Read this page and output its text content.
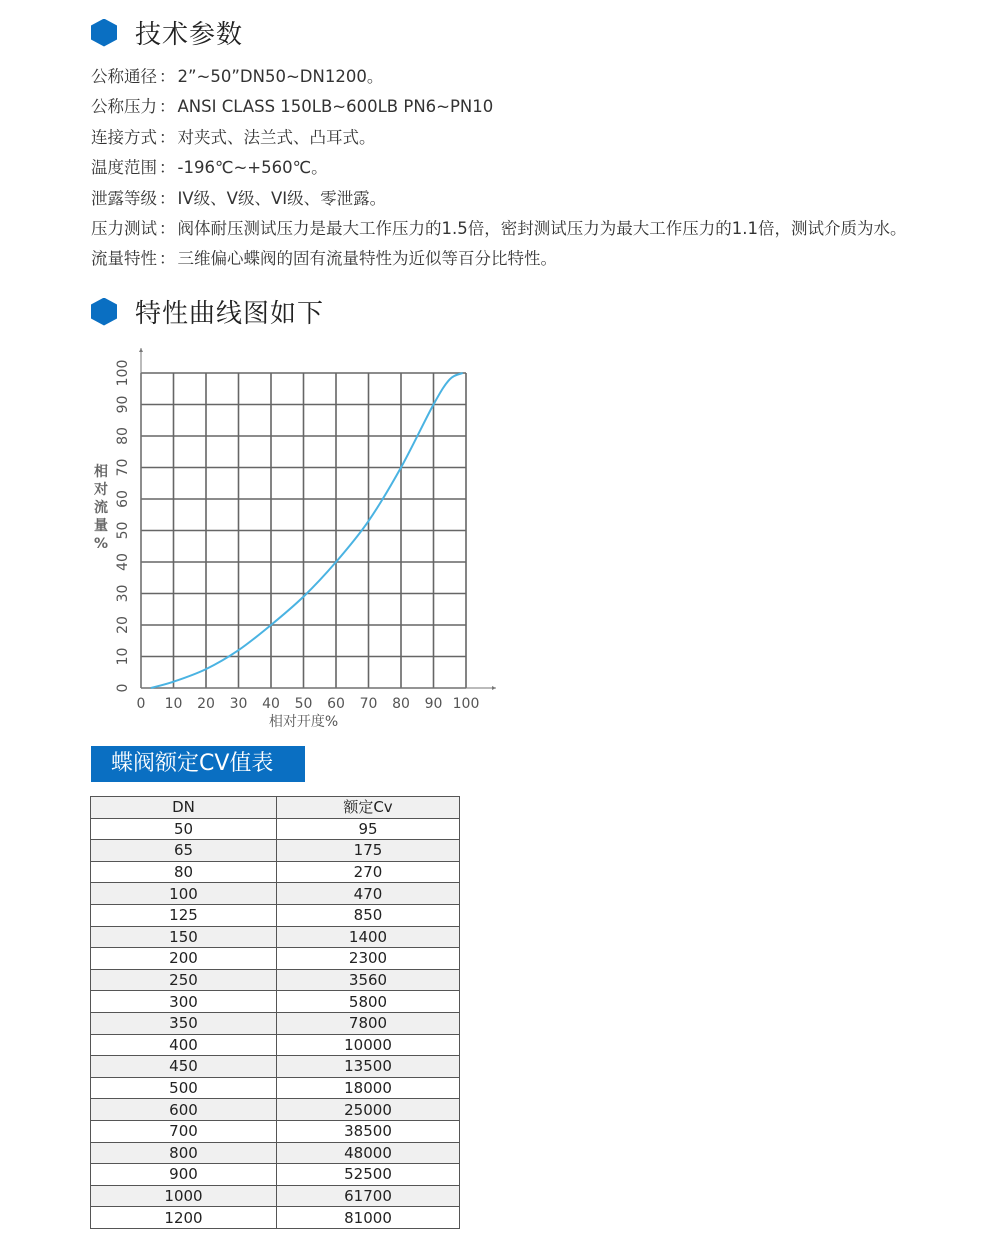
技术参数
公称通径 ： 2”~50”DN50~DN1200。
公称压力 ： ANSI CLASS 150LB~600LB PN6~PN10
连接方式 ： 对夹式、法兰式、凸耳式。
温度范围 ： -196℃~+560℃。
泄露等级 ： IV级、V级、VI级、零泄露。
压力测试 ： 阀体耐压测试压力是最大工作压力的1.5倍，密封测试压力为最大工作压力的1.1倍，测试介质为水。
流量特性 ： 三维偏心蝶阀的固有流量特性为近似等百分比特性。
特性曲线图如下
0 10 20 30 40 50 60 70 80 90 100
0
10
20
30
40
50
60
70
80
90
100
相对开度%
相
对
流
量
%
蝶阀额定CV值表
DN	额定Cv
50	95
65	175
80	270
100	470
125	850
150	1400
200	2300
250	3560
300	5800
350	7800
400	10000
450	13500
500	18000
600	25000
700	38500
800	48000
900	52500
1000	61700
1200	81000
